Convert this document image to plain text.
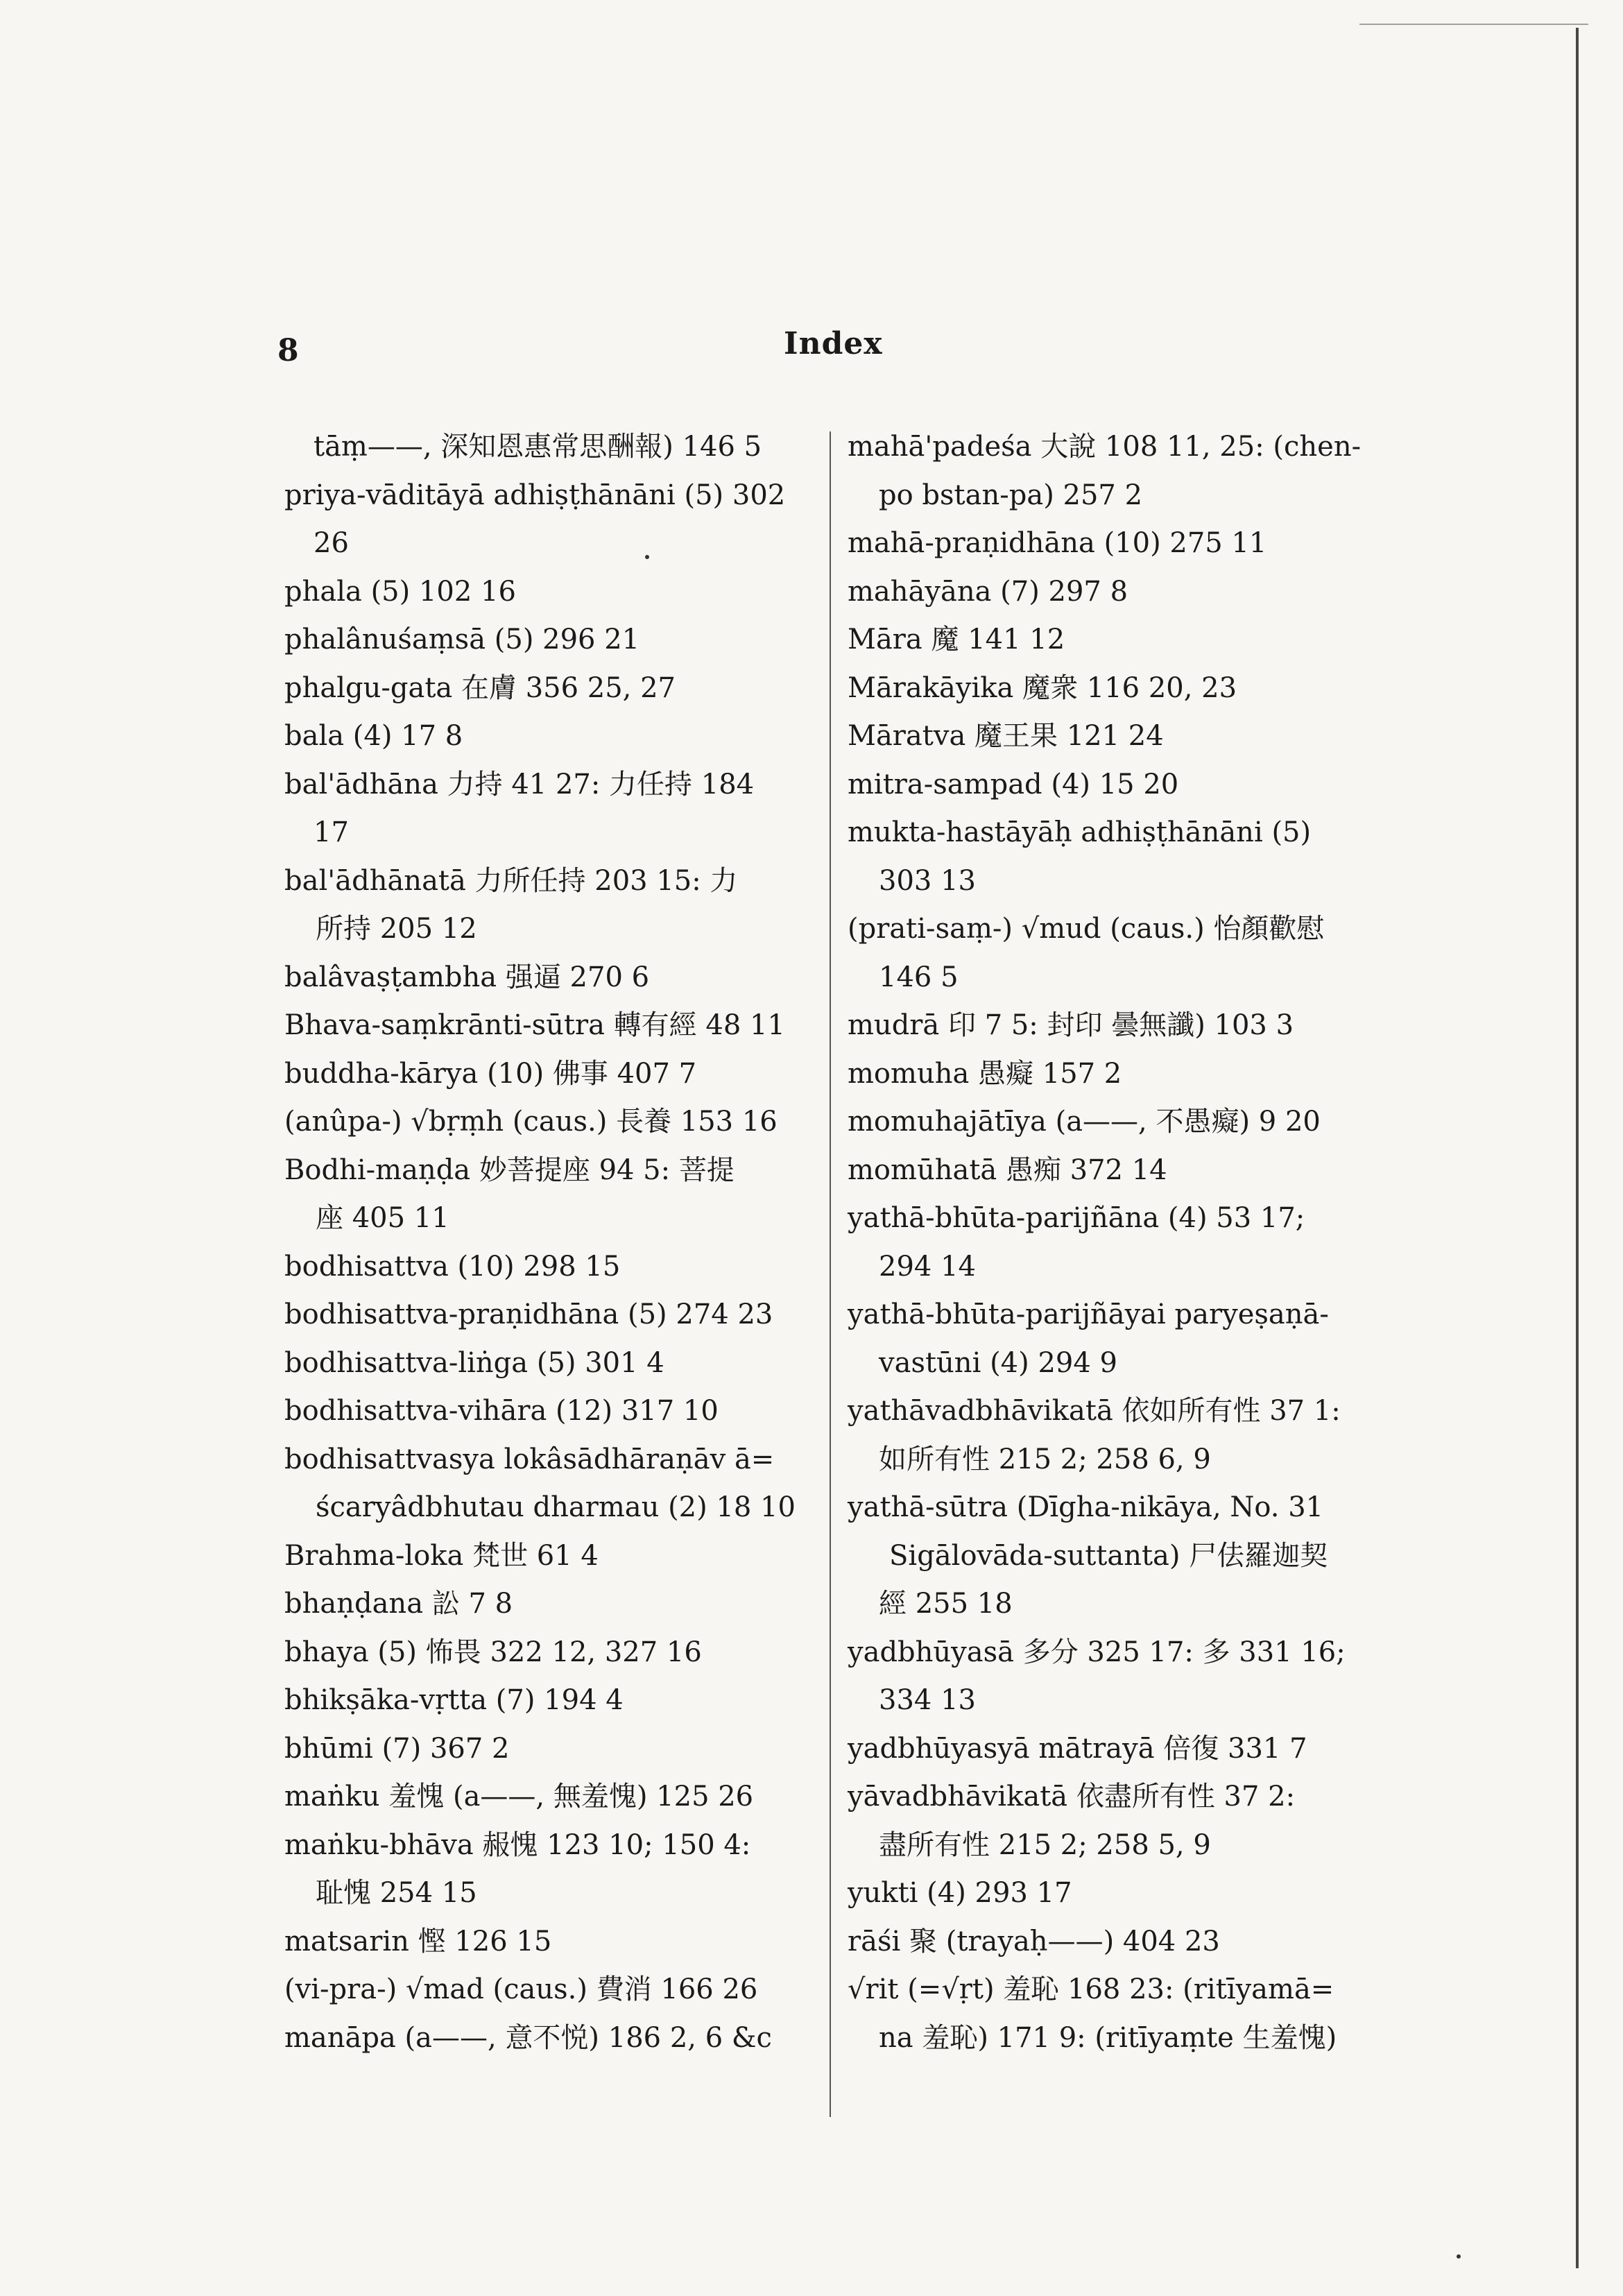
8	Index
tāṃ——, 深知恩惠常思酬報) 146 5
priya-vāditāyā adhiṣṭhānāni (5) 302
26
phala (5) 102 16
phalânuśaṃsā (5) 296 21
phalgu-gata 在膚 356 25, 27
bala (4) 17 8
bal'ādhāna 力持 41 27: 力任持 184
17
bal'ādhānatā 力所任持 203 15: 力
所持 205 12
balâvaṣṭambha 强逼 270 6
Bhava-saṃkrānti-sūtra 轉有經 48 11
buddha-kārya (10) 佛事 407 7
(anûpa-) √bṛṃh (caus.) 長養 153 16
Bodhi-maṇḍa 妙菩提座 94 5: 菩提
座 405 11
bodhisattva (10) 298 15
bodhisattva-praṇidhāna (5) 274 23
bodhisattva-liṅga (5) 301 4
bodhisattva-vihāra (12) 317 10
bodhisattvasya lokâsādhāraṇāv ā=
ścaryâdbhutau dharmau (2) 18 10
Brahma-loka 梵世 61 4
bhaṇḍana 訟 7 8
bhaya (5) 怖畏 322 12, 327 16
bhikṣāka-vṛtta (7) 194 4
bhūmi (7) 367 2
maṅku 羞愧 (a——, 無羞愧) 125 26
maṅku-bhāva 赧愧 123 10; 150 4:
耻愧 254 15
matsarin 慳 126 15
(vi-pra-) √mad (caus.) 費消 166 26
manāpa (a——, 意不悦) 186 2, 6 &c
mahā'padeśa 大說 108 11, 25: (chen-
po bstan-pa) 257 2
mahā-praṇidhāna (10) 275 11
mahāyāna (7) 297 8
Māra 魔 141 12
Mārakāyika 魔衆 116 20, 23
Māratva 魔王果 121 24
mitra-sampad (4) 15 20
mukta-hastāyāḥ adhiṣṭhānāni (5)
303 13
(prati-saṃ-) √mud (caus.) 怡顏歡慰
146 5
mudrā 印 7 5: 封印 曇無讖) 103 3
momuha 愚癡 157 2
momuhajātīya (a——, 不愚癡) 9 20
momūhatā 愚痴 372 14
yathā-bhūta-parijñāna (4) 53 17;
294 14
yathā-bhūta-parijñāyai paryeṣaṇā-
vastūni (4) 294 9
yathāvadbhāvikatā 依如所有性 37 1:
如所有性 215 2; 258 6, 9
yathā-sūtra (Dīgha-nikāya, No. 31
Sigālovāda-suttanta) 尸佉羅迦契
經 255 18
yadbhūyasā 多分 325 17: 多 331 16;
334 13
yadbhūyasyā mātrayā 倍復 331 7
yāvadbhāvikatā 依盡所有性 37 2:
盡所有性 215 2; 258 5, 9
yukti (4) 293 17
rāśi 聚 (trayaḥ——) 404 23
√rit (=√ṛt) 羞恥 168 23: (ritīyamā=
na 羞恥) 171 9: (ritīyaṃte 生羞愧)
